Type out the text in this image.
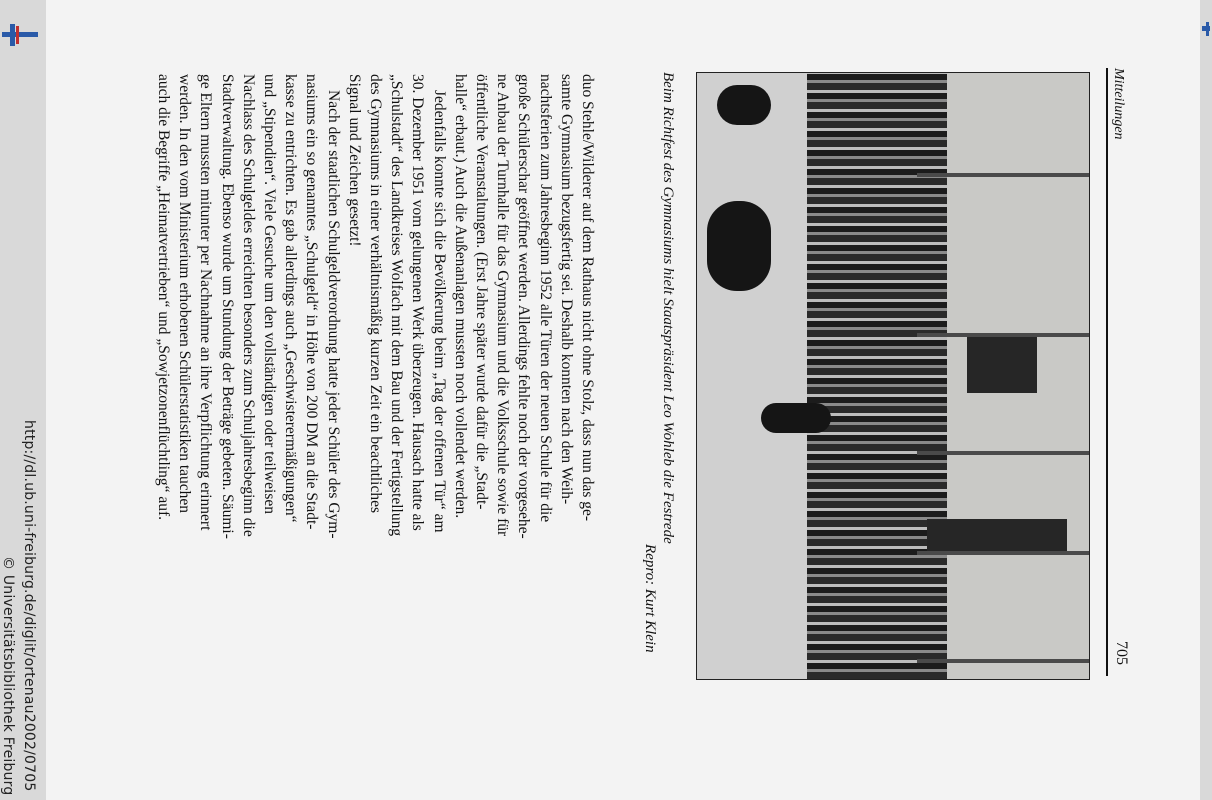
http://dl.ub.uni-freiburg.de/diglit/ortenau2002/0705
© Universitätsbibliothek Freiburg
Mitteilungen
705
Beim Richtfest des Gymnasiums hielt Staatspräsident Leo Wohleb die Festrede
Repro: Kurt Klein
duo Stehle/Wilderer auf dem Rathaus nicht ohne Stolz, dass nun das ge-
samte Gymnasium bezugsfertig sei. Deshalb konnten nach den Weih-
nachtsferien zum Jahresbeginn 1952 alle Türen der neuen Schule für die
große Schülerschar geöffnet werden. Allerdings fehlte noch der vorgesehe-
ne Anbau der Turnhalle für das Gymnasium und die Volksschule sowie für
öffentliche Veranstaltungen. (Erst Jahre später wurde dafür die „Stadt-
halle“ erbaut.) Auch die Außenanlagen mussten noch vollendet werden.
Jedenfalls konnte sich die Bevölkerung beim „Tag der offenen Tür“ am
30. Dezember 1951 vom gelungenen Werk überzeugen. Hausach hatte als
„Schulstadt“ des Landkreises Wolfach mit dem Bau und der Fertigstellung
des Gymnasiums in einer verhältnismäßig kurzen Zeit ein beachtliches
Signal und Zeichen gesetzt!
Nach der staatlichen Schulgeldverordnung hatte jeder Schüler des Gym-
nasiums ein so genanntes „Schulgeld“ in Höhe von 200 DM an die Stadt-
kasse zu entrichten. Es gab allerdings auch „Geschwisterermäßigungen“
und „Stipendien“. Viele Gesuche um den vollständigen oder teilweisen
Nachlass des Schulgeldes erreichten besonders zum Schuljahresbeginn die
Stadtverwaltung. Ebenso wurde um Stundung der Beträge gebeten. Säumi-
ge Eltern mussten mitunter per Nachnahme an ihre Verpflichtung erinnert
werden. In den vom Ministerium erhobenen Schülerstatistiken tauchen
auch die Begriffe „Heimatvertrieben“ und „Sowjetzonenflüchtling“ auf.
